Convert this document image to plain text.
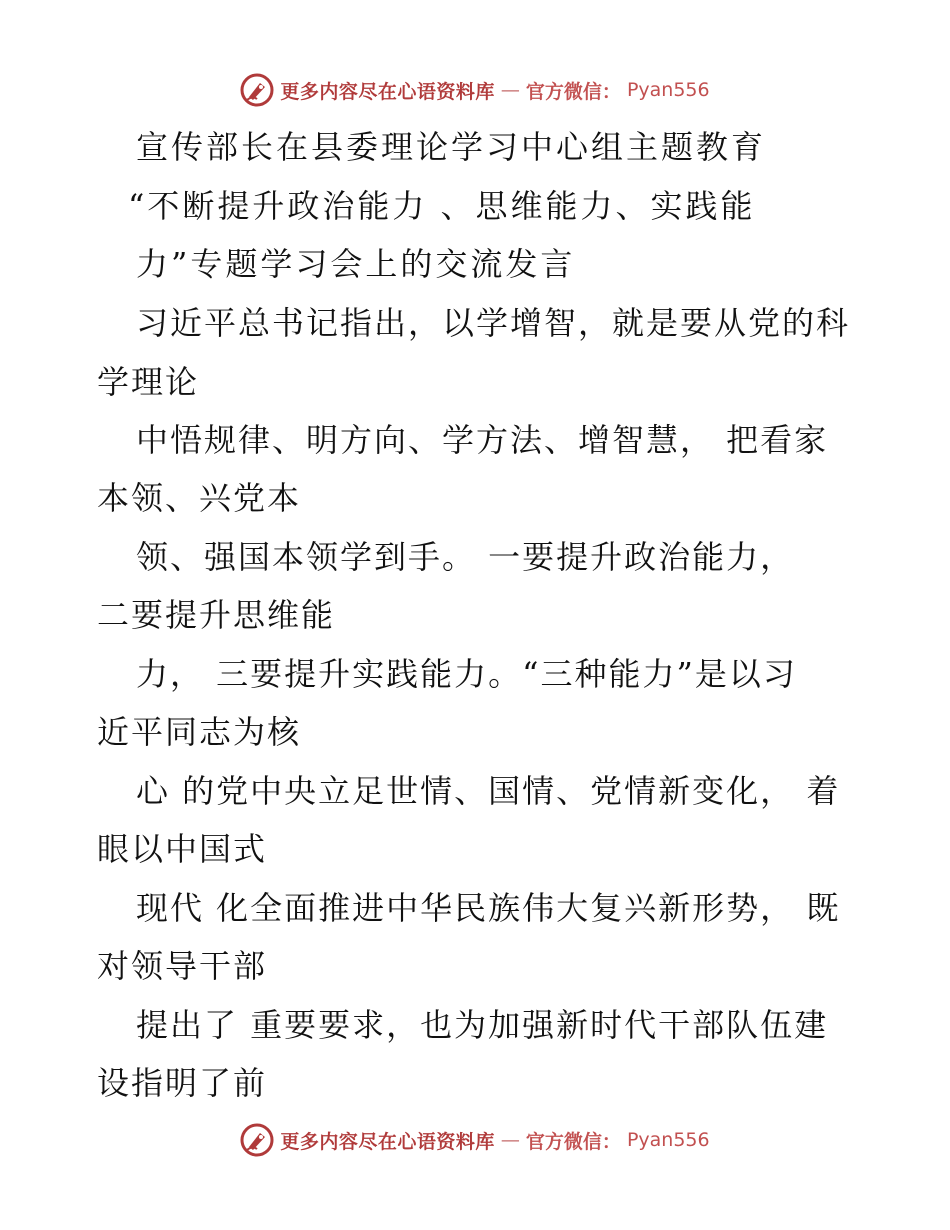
更多内容尽在心语资料库 — 官方微信： Pyan556
宣传部长在县委理论学习中心组主题教育
“不断提升政治能力 、思维能力、实践能
力”专题学习会上的交流发言
习近平总书记指出，以学增智，就是要从党的科
学理论
中悟规律、明方向、学方法、增智慧， 把看家
本领、兴党本
领、强国本领学到手。 一要提升政治能力，
二要提升思维能
力， 三要提升实践能力。“三种能力”是以习
近平同志为核
心 的党中央立足世情、国情、党情新变化， 着
眼以中国式
现代 化全面推进中华民族伟大复兴新形势， 既
对领导干部
提出了 重要要求，也为加强新时代干部队伍建
设指明了前
更多内容尽在心语资料库 — 官方微信： Pyan556
